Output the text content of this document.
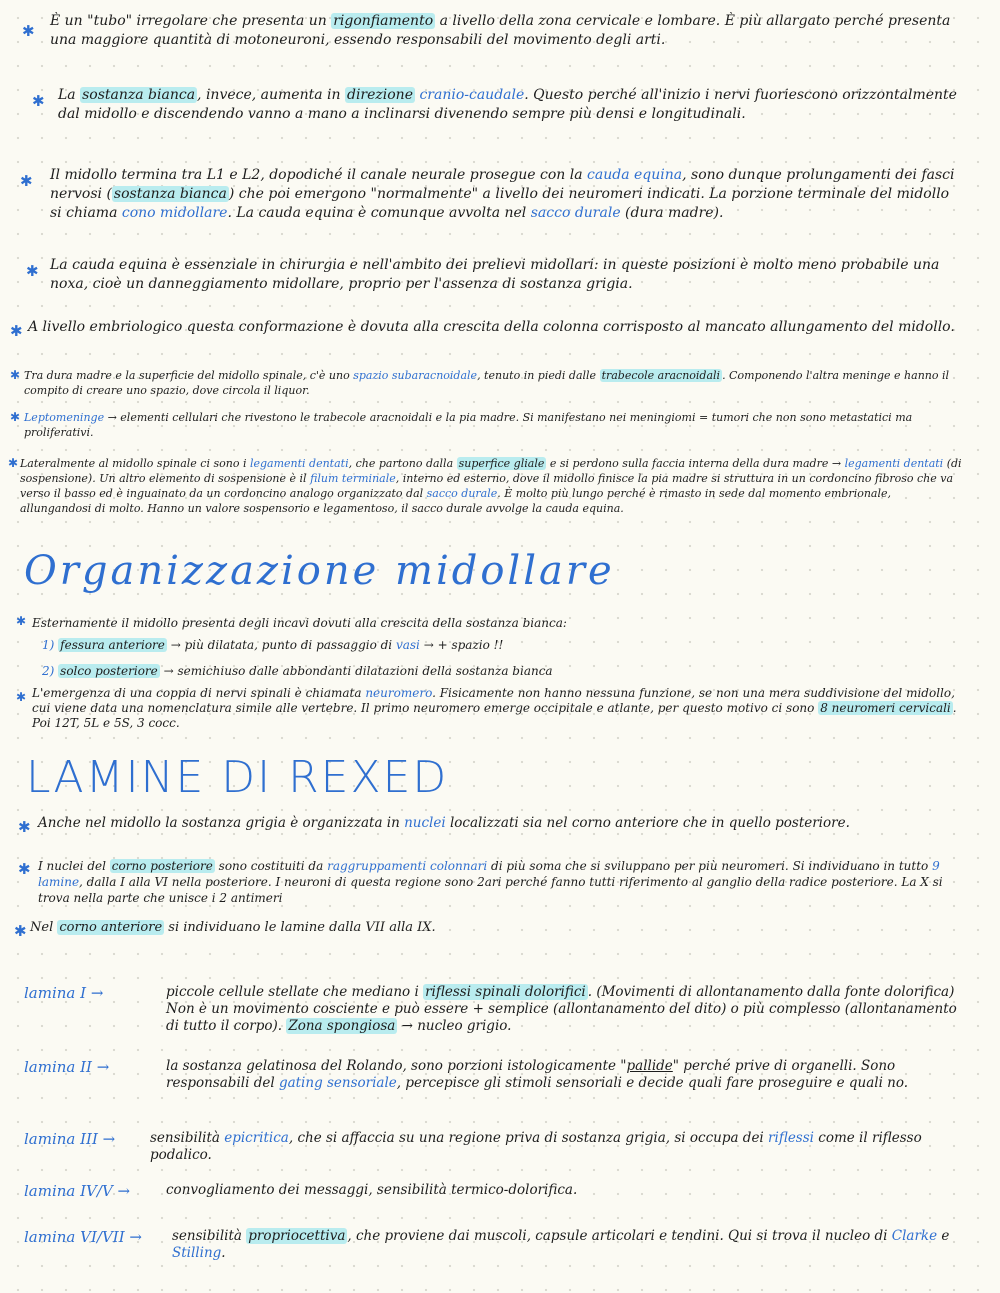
✱
È un "tubo" irregolare che presenta un rigonfiamento a livello della zona cervicale e lombare. È più allargato perché presenta una maggiore quantità di motoneuroni, essendo responsabili del movimento degli arti.
✱ La sostanza bianca , invece, aumenta in direzione cranio-caudale. Questo perché all'inizio i nervi fuoriescono orizzontalmente dal midollo e discendendo vanno a mano a inclinarsi divenendo sempre più densi e longitudinali.
✱	Il midollo termina tra L1 e L2, dopodiché il canale neurale prosegue con la cauda equina, sono dunque prolungamenti dei fasci nervosi ( sostanza bianca ) che poi emergono "normalmente" a livello dei neuromeri indicati. La porzione terminale del midollo si chiama cono midollare. La cauda equina è comunque avvolta nel sacco durale (dura madre).
✱ La cauda equina è essenziale in chirurgia e nell'ambito dei prelievi midollari: in queste posizioni è molto meno probabile una noxa, cioè un danneggiamento midollare, proprio per l'assenza di sostanza grigia.
✱ A livello embriologico questa conformazione è dovuta alla crescita della colonna corrisposto al mancato allungamento del midollo.
✱ Tra dura madre e la superficie del midollo spinale, c'è uno spazio subaracnoidale, tenuto in piedi dalle trabecole aracnoidali . Componendo l'altra meninge e hanno il compito di creare uno spazio, dove circola il liquor.
✱ Leptomeninge → elementi cellulari che rivestono le trabecole aracnoidali e la pia madre. Si manifestano nei meningiomi = tumori che non sono metastatici ma proliferativi.
✱ Lateralmente al midollo spinale ci sono i legamenti dentati, che partono dalla superfice gliale e si perdono sulla faccia interna della dura madre → legamenti dentati (di sospensione). Un altro elemento di sospensione è il filum terminale, interno ed esterno, dove il midollo finisce la pia madre si struttura in un cordoncino fibroso che va verso il basso ed è inguainato da un cordoncino analogo organizzato dal sacco durale. È molto più lungo perché è rimasto in sede dal momento embrionale, allungandosi di molto. Hanno un valore sospensorio e legamentoso, il sacco durale avvolge la cauda equina.
Organizzazione midollare
✱ Esternamente il midollo presenta degli incavi dovuti alla crescita della sostanza bianca:

1) fessura anteriore → più dilatata, punto di passaggio di vasi → + spazio !!
2) solco posteriore → semichiuso dalle abbondanti dilatazioni della sostanza bianca
✱ L'emergenza di una coppia di nervi spinali è chiamata neuromero. Fisicamente non hanno nessuna funzione, se non una mera suddivisione del midollo, cui viene data una nomenclatura simile alle vertebre. Il primo neuromero emerge occipitale e atlante, per questo motivo ci sono 8 neuromeri cervicali . Poi 12T, 5L e 5S, 3 cocc.
LAMINE DI REXED
✱ Anche nel midollo la sostanza grigia è organizzata in nuclei localizzati sia nel corno anteriore che in quello posteriore.
✱ I nuclei del corno posteriore sono costituiti da raggruppamenti colonnari di più soma che si sviluppano per più neuromeri. Si individuano in tutto 9 lamine, dalla I alla VI nella posteriore. I neuroni di questa regione sono 2ari perché fanno tutti riferimento al ganglio della radice posteriore. La X si trova nella parte che unisce i 2 antimeri
✱ Nel corno anteriore si individuano le lamine dalla VII alla IX.
lamina I →	piccole cellule stellate che mediano i riflessi spinali dolorifici . (Movimenti di allontanamento dalla fonte dolorifica) Non è un movimento cosciente e può essere + semplice (allontanamento del dito) o più complesso (allontanamento di tutto il corpo). Zona spongiosa → nucleo grigio.
lamina II →	la sostanza gelatinosa del Rolando, sono porzioni istologicamente "pallide" perché prive di organelli. Sono responsabili del gating sensoriale, percepisce gli stimoli sensoriali e decide quali fare proseguire e quali no.
lamina III →	sensibilità epicritica, che si affaccia su una regione priva di sostanza grigia, si occupa dei riflessi come il riflesso podalico.
lamina IV/V →	convogliamento dei messaggi, sensibilità termico-dolorifica.
lamina VI/VII →	sensibilità propriocettiva , che proviene dai muscoli, capsule articolari e tendini. Qui si trova il nucleo di Clarke e Stilling.
